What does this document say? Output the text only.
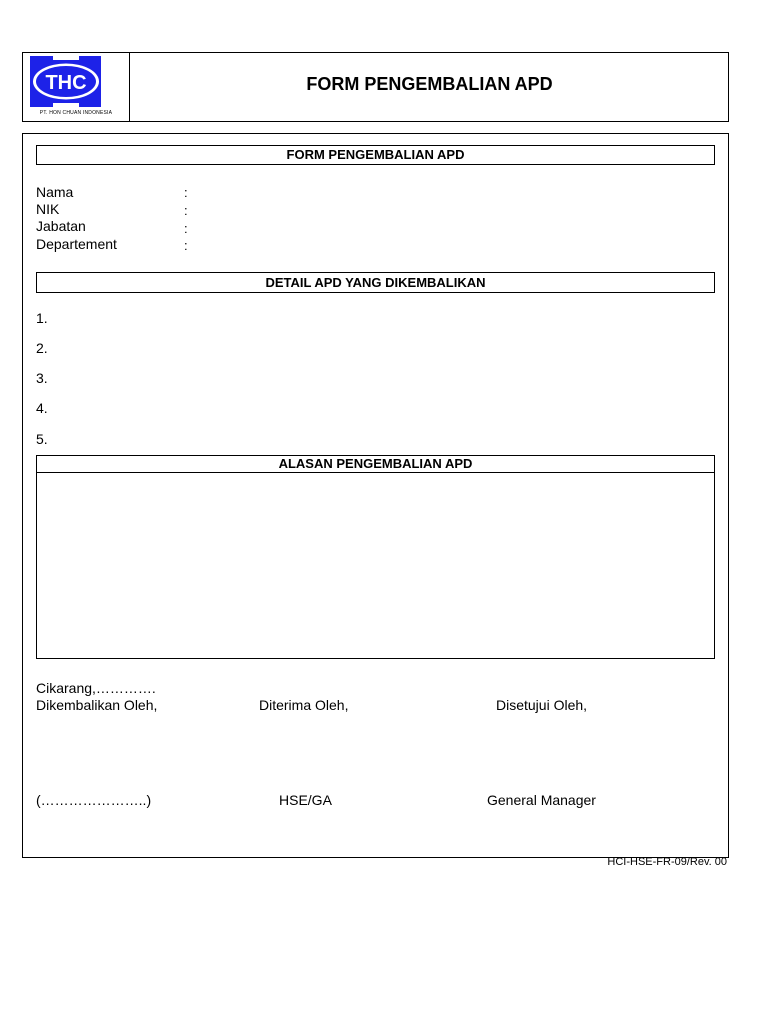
THC
PT. HON CHUAN INDONESIA
FORM PENGEMBALIAN APD
FORM PENGEMBALIAN APD
Nama	:
NIK	:
Jabatan	:
Departement	:
DETAIL APD YANG DIKEMBALIKAN
1.
2.
3.
4.
5.
ALASAN PENGEMBALIAN APD
Cikarang,………….
Dikembalikan Oleh,	Diterima Oleh,	Disetujui Oleh,
(…………………..)	HSE/GA	General Manager
HCI-HSE-FR-09/Rev. 00
